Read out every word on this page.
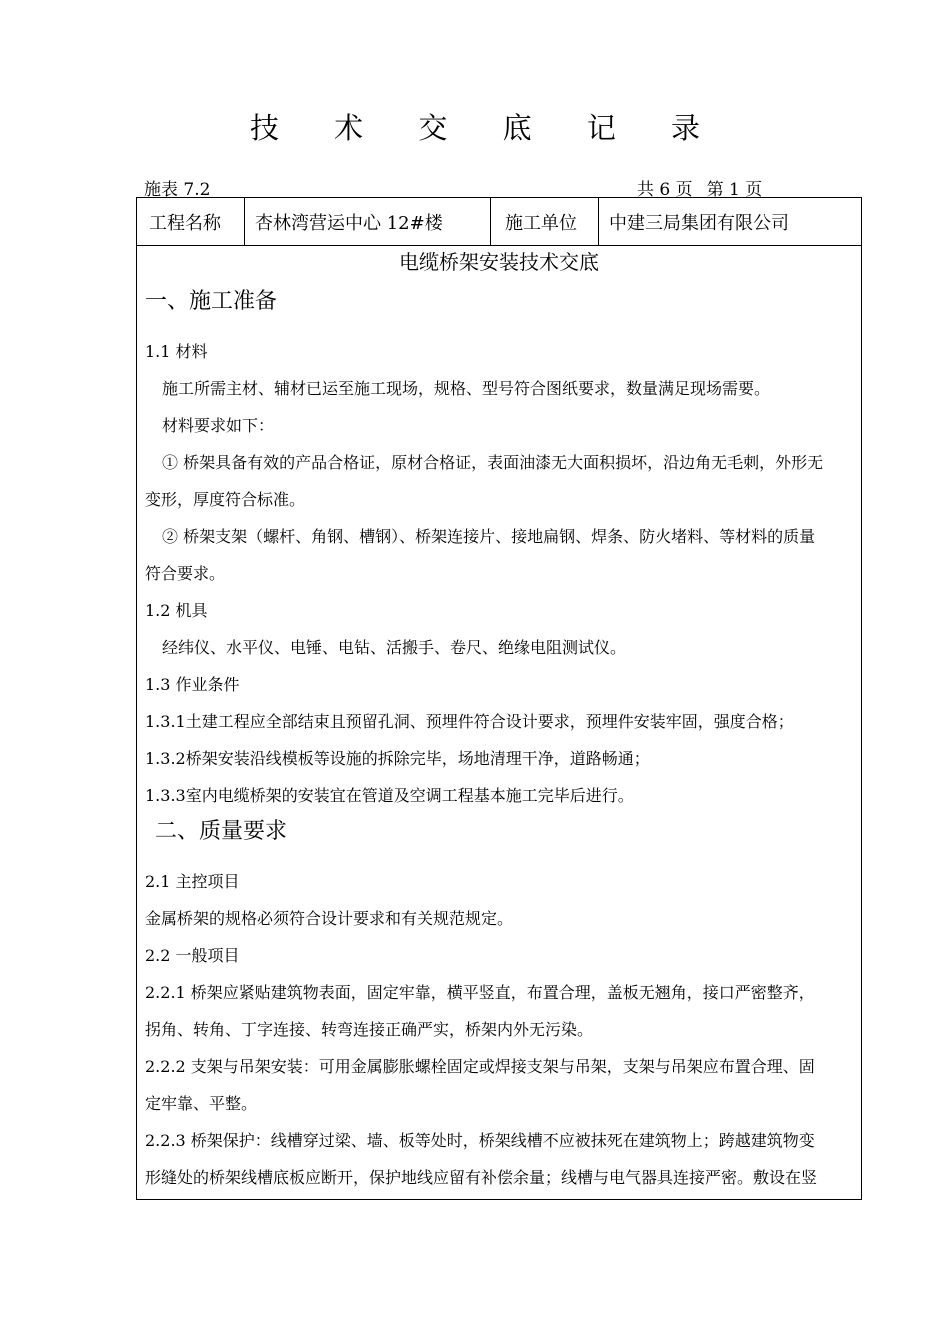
技 术 交 底 记 录
施表 7.2	共 6 页 第 1 页
工程名称	杏林湾营运中心 12#楼	施工单位	中建三局集团有限公司
电缆桥架安装技术交底
一、施工准备

1.1 材料

施工所需主材、辅材已运至施工现场，规格、型号符合图纸要求，数量满足现场需要。

材料要求如下：

① 桥架具备有效的产品合格证，原材合格证，表面油漆无大面积损坏，沿边角无毛刺，外形无

变形，厚度符合标准。

② 桥架支架（螺杆、角钢、槽钢）、桥架连接片、接地扁钢、焊条、防火堵料、等材料的质量

符合要求。

1.2 机具

经纬仪、水平仪、电锤、电钻、活搬手、卷尺、绝缘电阻测试仪。

1.3 作业条件

1.3.1土建工程应全部结束且预留孔洞、预埋件符合设计要求，预埋件安装牢固，强度合格；

1.3.2桥架安装沿线模板等设施的拆除完毕，场地清理干净，道路畅通；

1.3.3室内电缆桥架的安装宜在管道及空调工程基本施工完毕后进行。

二、质量要求

2.1 主控项目

金属桥架的规格必须符合设计要求和有关规范规定。

2.2 一般项目

2.2.1 桥架应紧贴建筑物表面，固定牢靠，横平竖直，布置合理，盖板无翘角，接口严密整齐，

拐角、转角、丁字连接、转弯连接正确严实，桥架内外无污染。

2.2.2 支架与吊架安装：可用金属膨胀螺栓固定或焊接支架与吊架，支架与吊架应布置合理、固

定牢靠、平整。

2.2.3 桥架保护：线槽穿过梁、墙、板等处时，桥架线槽不应被抹死在建筑物上；跨越建筑物变

形缝处的桥架线槽底板应断开，保护地线应留有补偿余量；线槽与电气器具连接严密。敷设在竖
